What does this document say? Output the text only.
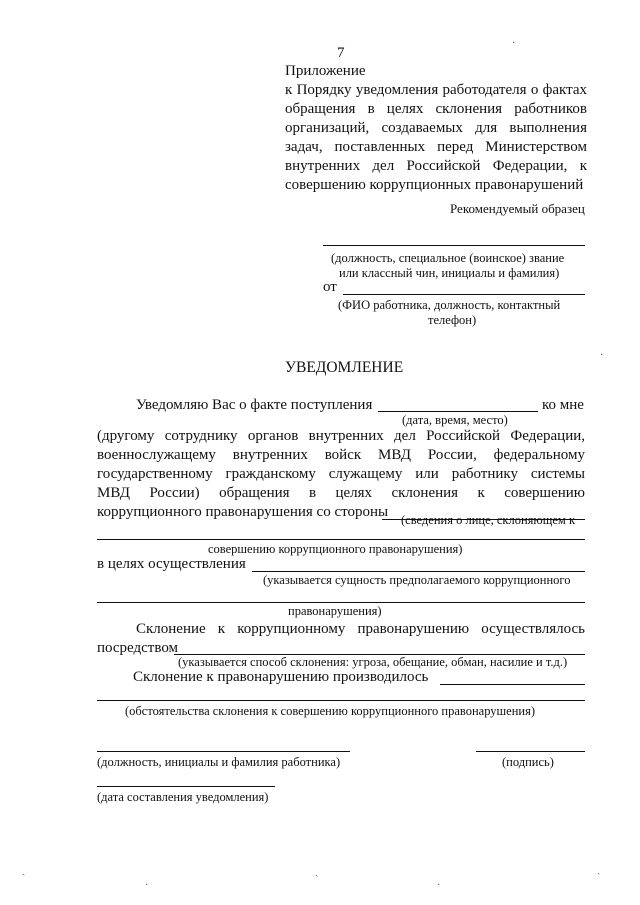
7
Приложение
к Порядку уведомления работодателя о фактах
обращения в целях склонения работников
организаций, создаваемых для выполнения
задач, поставленных перед Министерством
внутренних дел Российской Федерации, к
совершению коррупционных правонарушений
Рекомендуемый образец
(должность, специальное (воинское) звание
или классный чин, инициалы и фамилия)
от
(ФИО работника, должность, контактный
телефон)
УВЕДОМЛЕНИЕ
Уведомляю Вас о факте поступления	ко мне
(дата, время, место)
(другому сотруднику органов внутренних дел Российской Федерации,
военнослужащему внутренних войск МВД России, федеральному
государственному гражданскому служащему или работнику системы
МВД России) обращения в целях склонения к совершению
коррупционного правонарушения со стороны (сведения о лице, склоняющем к
совершению коррупционного правонарушения)
в целях осуществления
(указывается сущность предполагаемого коррупционного
правонарушения)
Склонение к коррупционному правонарушению осуществлялось
посредством
(указывается способ склонения: угроза, обещание, обман, насилие и т.д.)
Склонение к правонарушению производилось
(обстоятельства склонения к совершению коррупционного правонарушения)
(должность, инициалы и фамилия работника)	(подпись)
(дата составления уведомления)
·
·
ˏ
·
ˏ
·
ˏ
